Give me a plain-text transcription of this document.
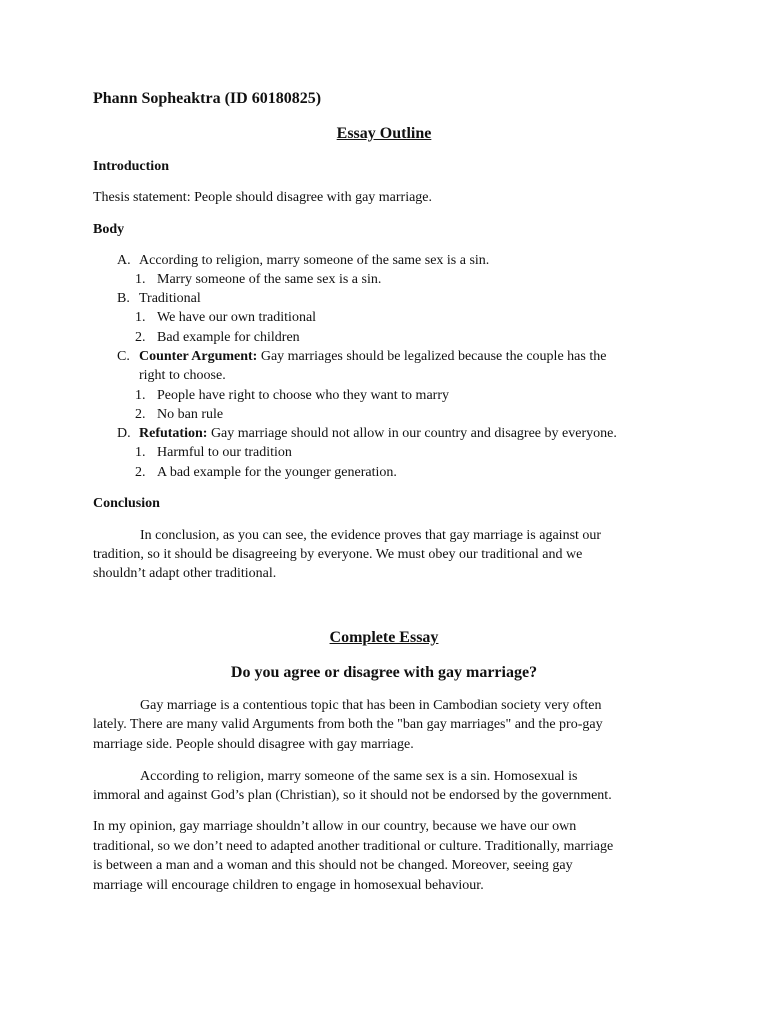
Phann Sopheaktra (ID 60180825)
Essay Outline
Introduction
Thesis statement: People should disagree with gay marriage.
Body
A. According to religion, marry someone of the same sex is a sin.
1. Marry someone of the same sex is a sin.
B. Traditional
1. We have our own traditional
2. Bad example for children
C. Counter Argument: Gay marriages should be legalized because the couple has the
right to choose.
1. People have right to choose who they want to marry
2. No ban rule
D. Refutation: Gay marriage should not allow in our country and disagree by everyone.
1. Harmful to our tradition
2. A bad example for the younger generation.
Conclusion
In conclusion, as you can see, the evidence proves that gay marriage is against our
tradition, so it should be disagreeing by everyone. We must obey our traditional and we
shouldn’t adapt other traditional.
Complete Essay
Do you agree or disagree with gay marriage?
Gay marriage is a contentious topic that has been in Cambodian society very often
lately. There are many valid Arguments from both the "ban gay marriages" and the pro-gay
marriage side. People should disagree with gay marriage.
According to religion, marry someone of the same sex is a sin. Homosexual is
immoral and against God’s plan (Christian), so it should not be endorsed by the government.
In my opinion, gay marriage shouldn’t allow in our country, because we have our own
traditional, so we don’t need to adapted another traditional or culture. Traditionally, marriage
is between a man and a woman and this should not be changed. Moreover, seeing gay
marriage will encourage children to engage in homosexual behaviour.
